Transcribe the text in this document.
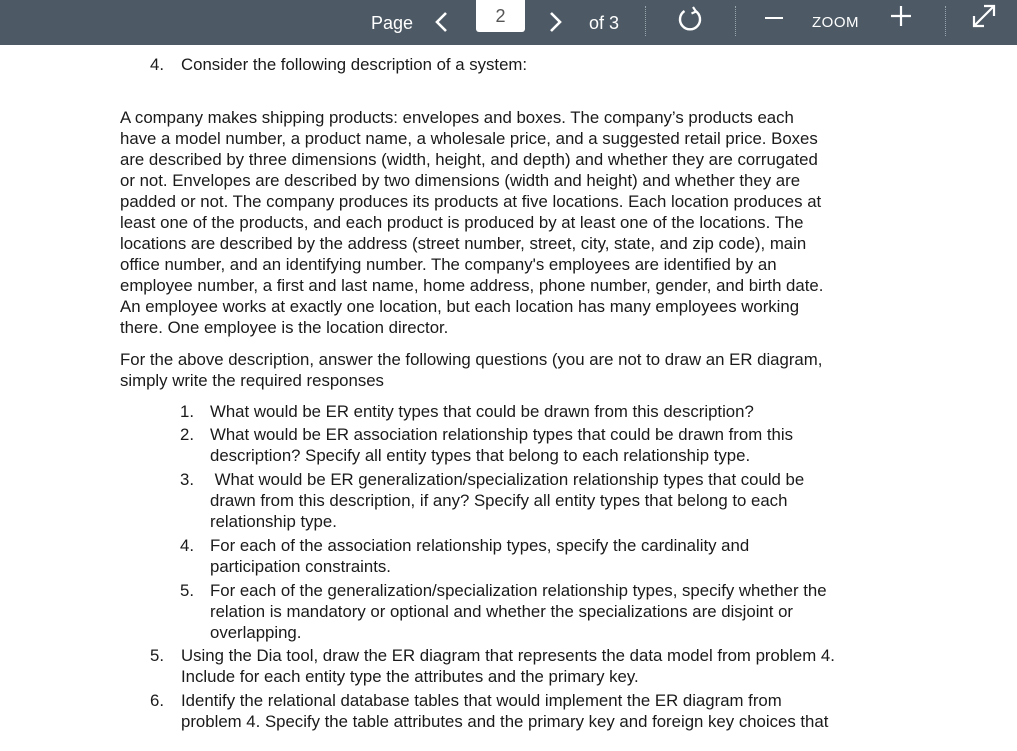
Page
2	of 3	ZOOM
4. Consider the following description of a system:
A company makes shipping products: envelopes and boxes. The company’s products each
have a model number, a product name, a wholesale price, and a suggested retail price. Boxes
are described by three dimensions (width, height, and depth) and whether they are corrugated
or not. Envelopes are described by two dimensions (width and height) and whether they are
padded or not. The company produces its products at five locations. Each location produces at
least one of the products, and each product is produced by at least one of the locations. The
locations are described by the address (street number, street, city, state, and zip code), main
office number, and an identifying number. The company's employees are identified by an
employee number, a first and last name, home address, phone number, gender, and birth date.
An employee works at exactly one location, but each location has many employees working
there. One employee is the location director.
For the above description, answer the following questions (you are not to draw an ER diagram,
simply write the required responses
1. What would be ER entity types that could be drawn from this description?
2. What would be ER association relationship types that could be drawn from this
description? Specify all entity types that belong to each relationship type.
3. What would be ER generalization/specialization relationship types that could be
drawn from this description, if any? Specify all entity types that belong to each
relationship type.
4. For each of the association relationship types, specify the cardinality and
participation constraints.
5. For each of the generalization/specialization relationship types, specify whether the
relation is mandatory or optional and whether the specializations are disjoint or
overlapping.
5. Using the Dia tool, draw the ER diagram that represents the data model from problem 4.
Include for each entity type the attributes and the primary key.
6. Identify the relational database tables that would implement the ER diagram from
problem 4. Specify the table attributes and the primary key and foreign key choices that
